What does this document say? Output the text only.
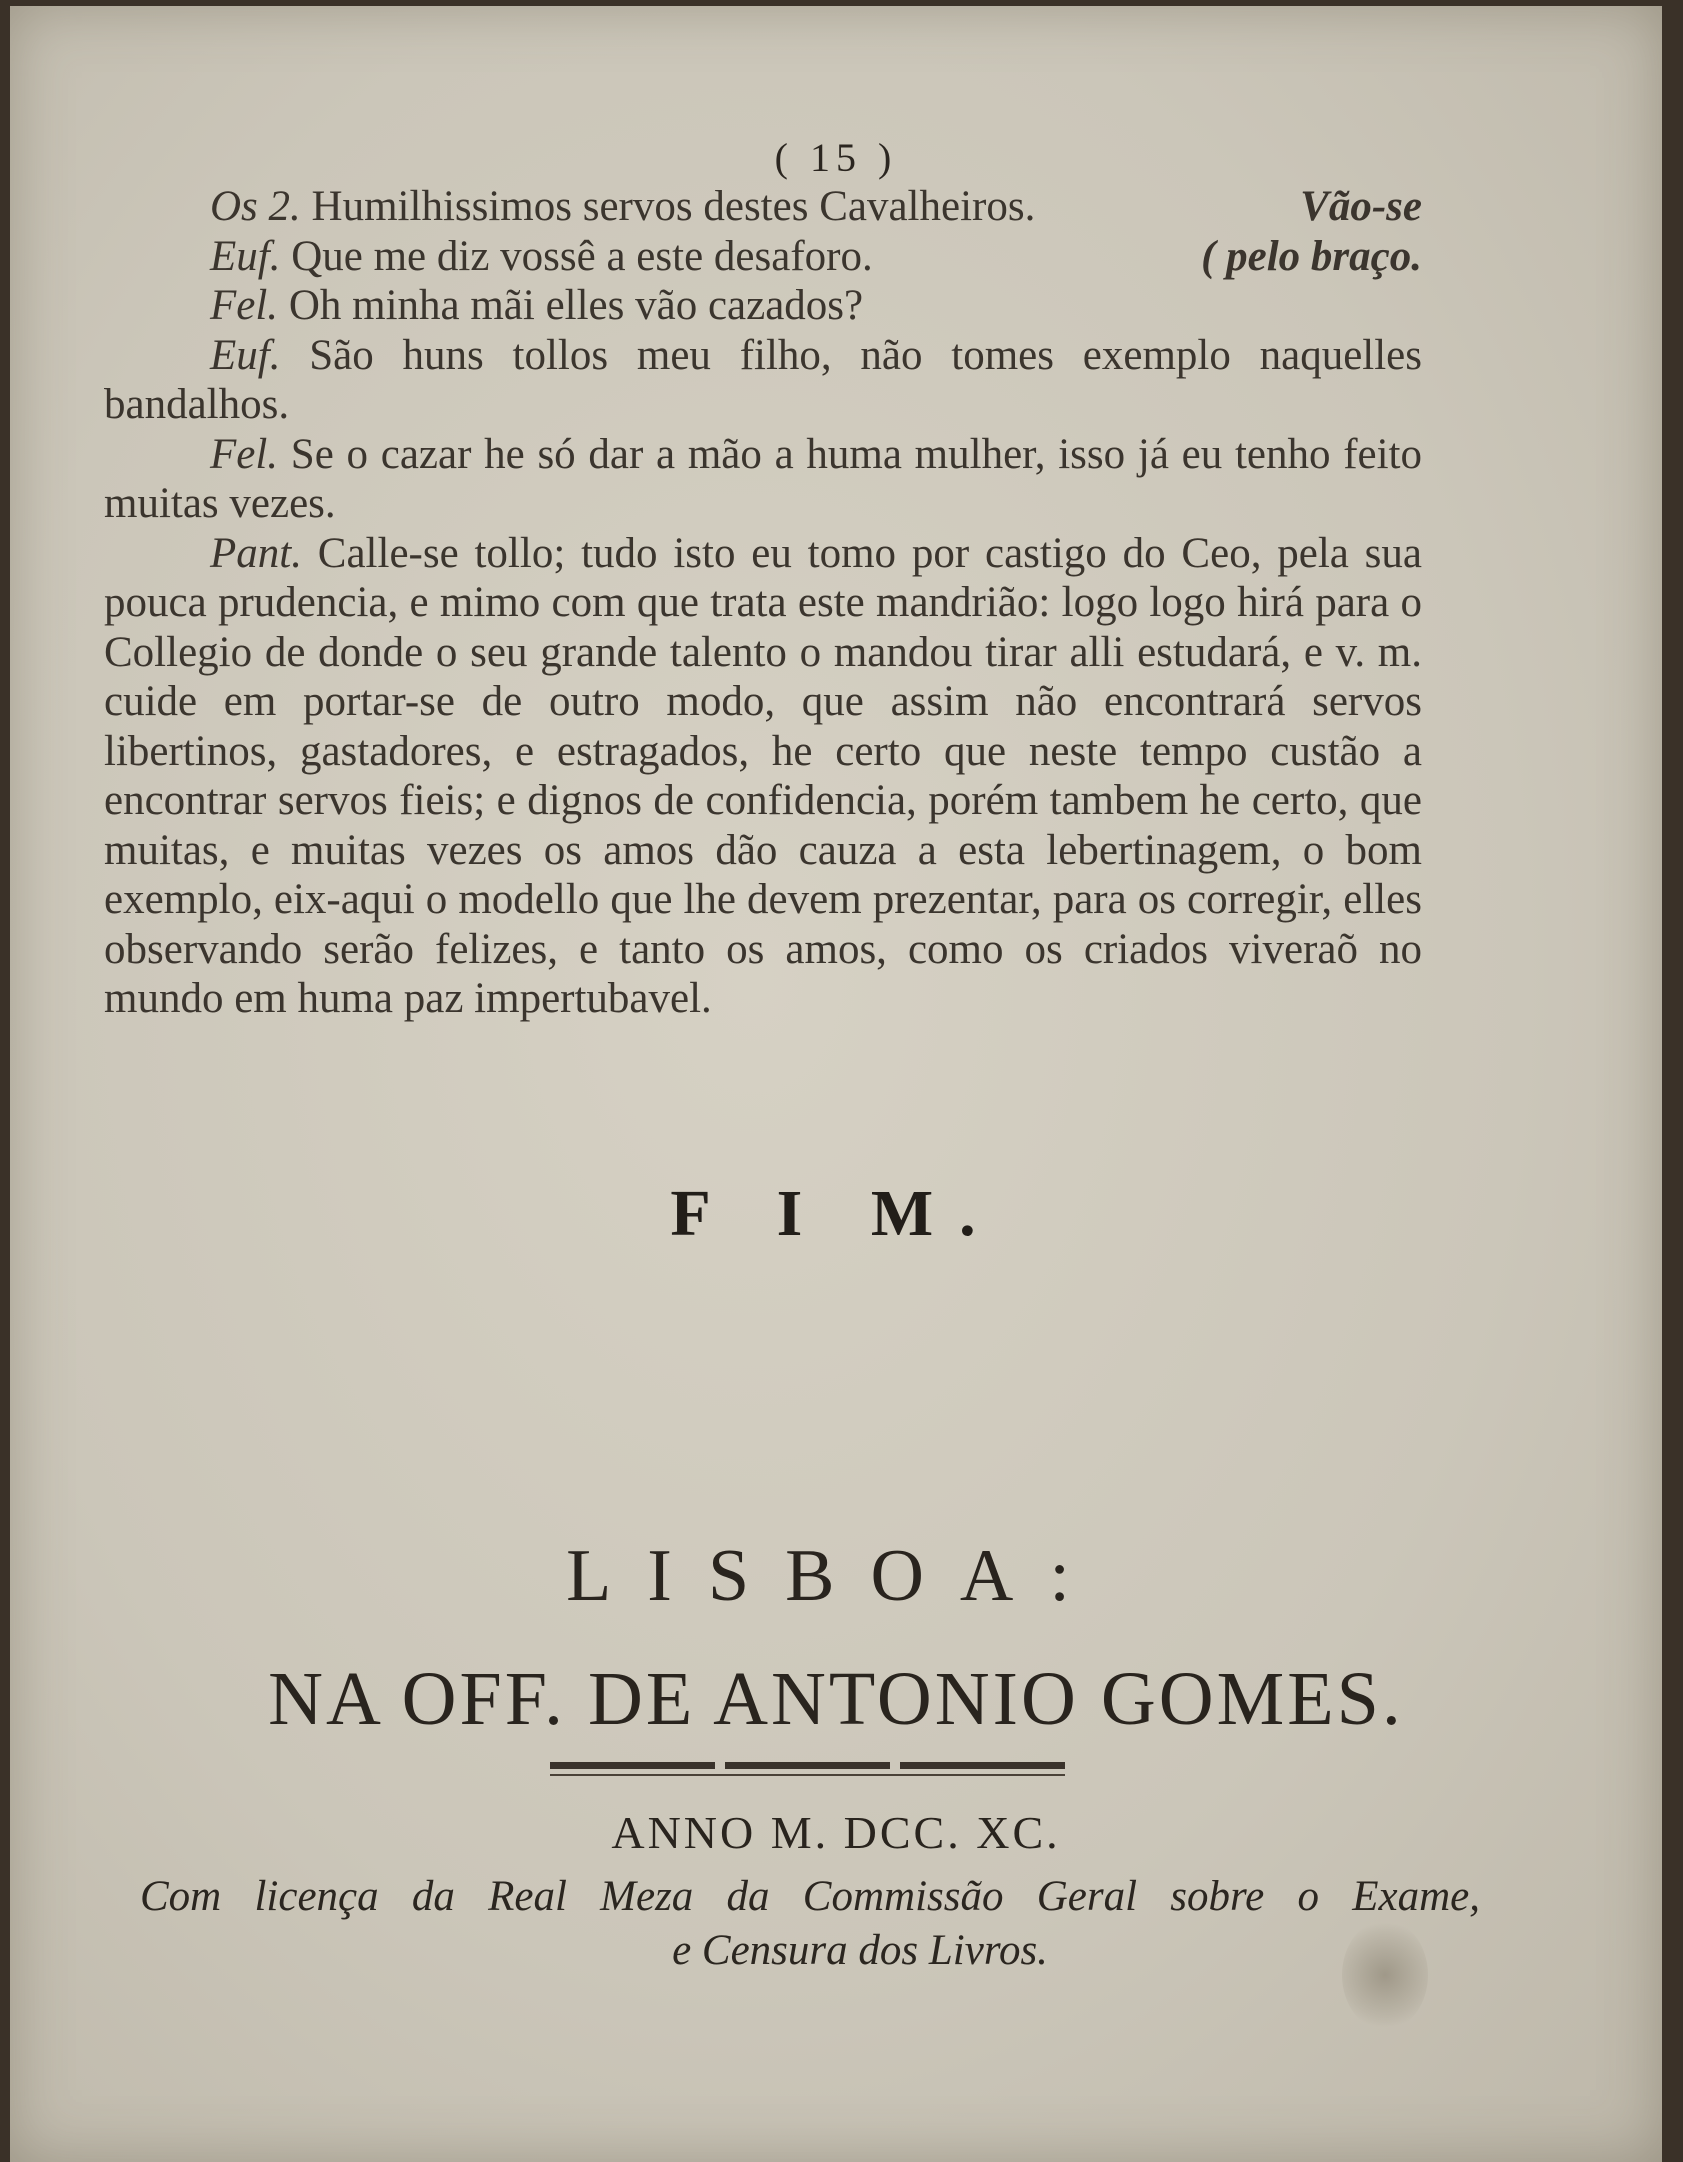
( 15 )

Os 2. Humilhissimos servos destes Cavalheiros.	Vão-se

Euf. Que me diz vossê a este desaforo.	( pelo braço.

Fel. Oh minha mãi elles vão cazados?

Euf. São huns tollos meu filho, não tomes exemplo naquelles bandalhos.

Fel. Se o cazar he só dar a mão a huma mulher, isso já eu tenho feito muitas vezes.

Pant. Calle-se tollo; tudo isto eu tomo por castigo do Ceo, pela sua pouca prudencia, e mimo com que trata este mandrião: logo logo hirá para o Collegio de donde o seu grande talento o mandou tirar alli estudará, e v. m. cuide em portar-se de outro modo, que assim não encontrará servos libertinos, gastadores, e estragados, he certo que neste tempo custão a encontrar servos fieis; e dignos de confidencia, porém tambem he certo, que muitas, e muitas vezes os amos dão cauza a esta lebertinagem, o bom exemplo, eix-aqui o modello que lhe devem prezentar, para os corregir, elles observando serão felizes, e tanto os amos, como os criados viveraõ no mundo em huma paz impertubavel.

F I M.
LISBOA:
NA OFF. DE ANTONIO GOMES.
ANNO M. DCC. XC.
Com licença da Real Meza da Commissão Geral sobre o Exame,
e Censura dos Livros.
